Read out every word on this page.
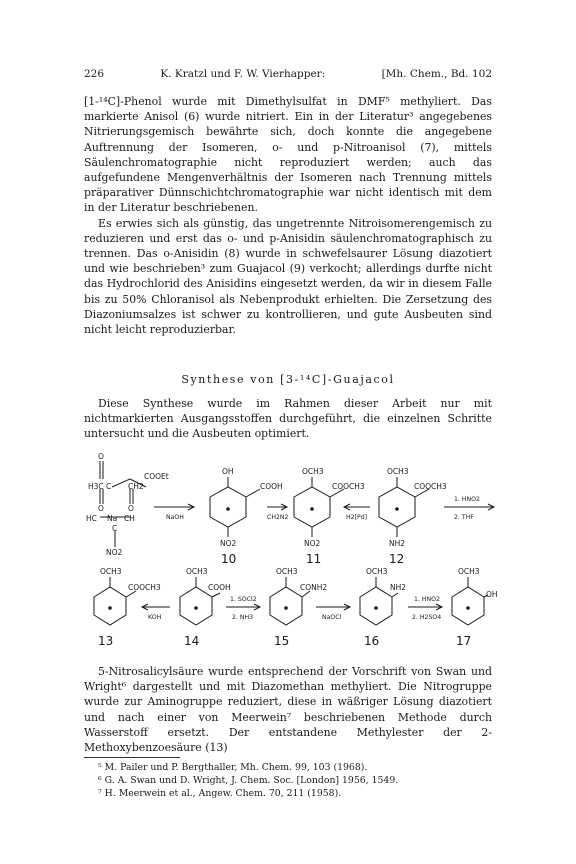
226	K. Kratzl und F. W. Vierhapper:	[Mh. Chem., Bd. 102

[1-¹⁴C]-Phenol wurde mit Dimethylsulfat in DMF⁵ methyliert. Das markierte Anisol (6) wurde nitriert. Ein in der Literatur³ angegebenes Nitrierungsgemisch bewährte sich, doch konnte die angegebene Auftrennung der Isomeren, o- und p-Nitroanisol (7), mittels Säulenchromatographie nicht reproduziert werden; auch das aufgefundene Mengenverhältnis der Isomeren nach Trennung mittels präparativer Dünnschichtchromatographie war nicht identisch mit dem in der Literatur beschriebenen.

Es erwies sich als günstig, das ungetrennte Nitroisomerengemisch zu reduzieren und erst das o- und p-Anisidin säulenchromatographisch zu trennen. Das o-Anisidin (8) wurde in schwefelsaurer Lösung diazotiert und wie beschrieben³ zum Guajacol (9) verkocht; allerdings durfte nicht das Hydrochlorid des Anisidins eingesetzt werden, da wir in diesem Falle bis zu 50% Chloranisol als Nebenprodukt erhielten. Die Zersetzung des Diazoniumsalzes ist schwer zu kontrollieren, und gute Ausbeuten sind nicht leicht reproduzierbar.

Synthese von [3-¹⁴C]-Guajacol

Diese Synthese wurde im Rahmen dieser Arbeit nur mit nichtmarkierten Ausgangsstoffen durchgeführt, die einzelnen Schritte untersucht und die Ausbeuten optimiert.

O
H3C C CH2
COOEt
O	O
HC Na CH
C
NO2
OH
COOH
NO2
10
OCH3
COOCH3
NO2
11
OCH3
COOCH3
NH2
12
NaOH	CH2N2	H2[Pd]
1. HNO2
2. THF
OCH3
COOCH3
13
OCH3
COOH
14
OCH3
CONH2
15
OCH3
NH2
16
OCH3
OH
17
KOH
1. SOCl2
2. NH3	NaOCl
1. HNO2
2. H2SO4

5-Nitrosalicylsäure wurde entsprechend der Vorschrift von Swan und Wright⁶ dargestellt und mit Diazomethan methyliert. Die Nitrogruppe wurde zur Aminogruppe reduziert, diese in wäßriger Lösung diazotiert und nach einer von Meerwein⁷ beschriebenen Methode durch Wasserstoff ersetzt. Der entstandene Methylester der 2-Methoxybenzoesäure (13)

⁵ M. Pailer und P. Bergthaller, Mh. Chem. 99, 103 (1968).
⁶ G. A. Swan und D. Wright, J. Chem. Soc. [London] 1956, 1549.
⁷ H. Meerwein et al., Angew. Chem. 70, 211 (1958).
